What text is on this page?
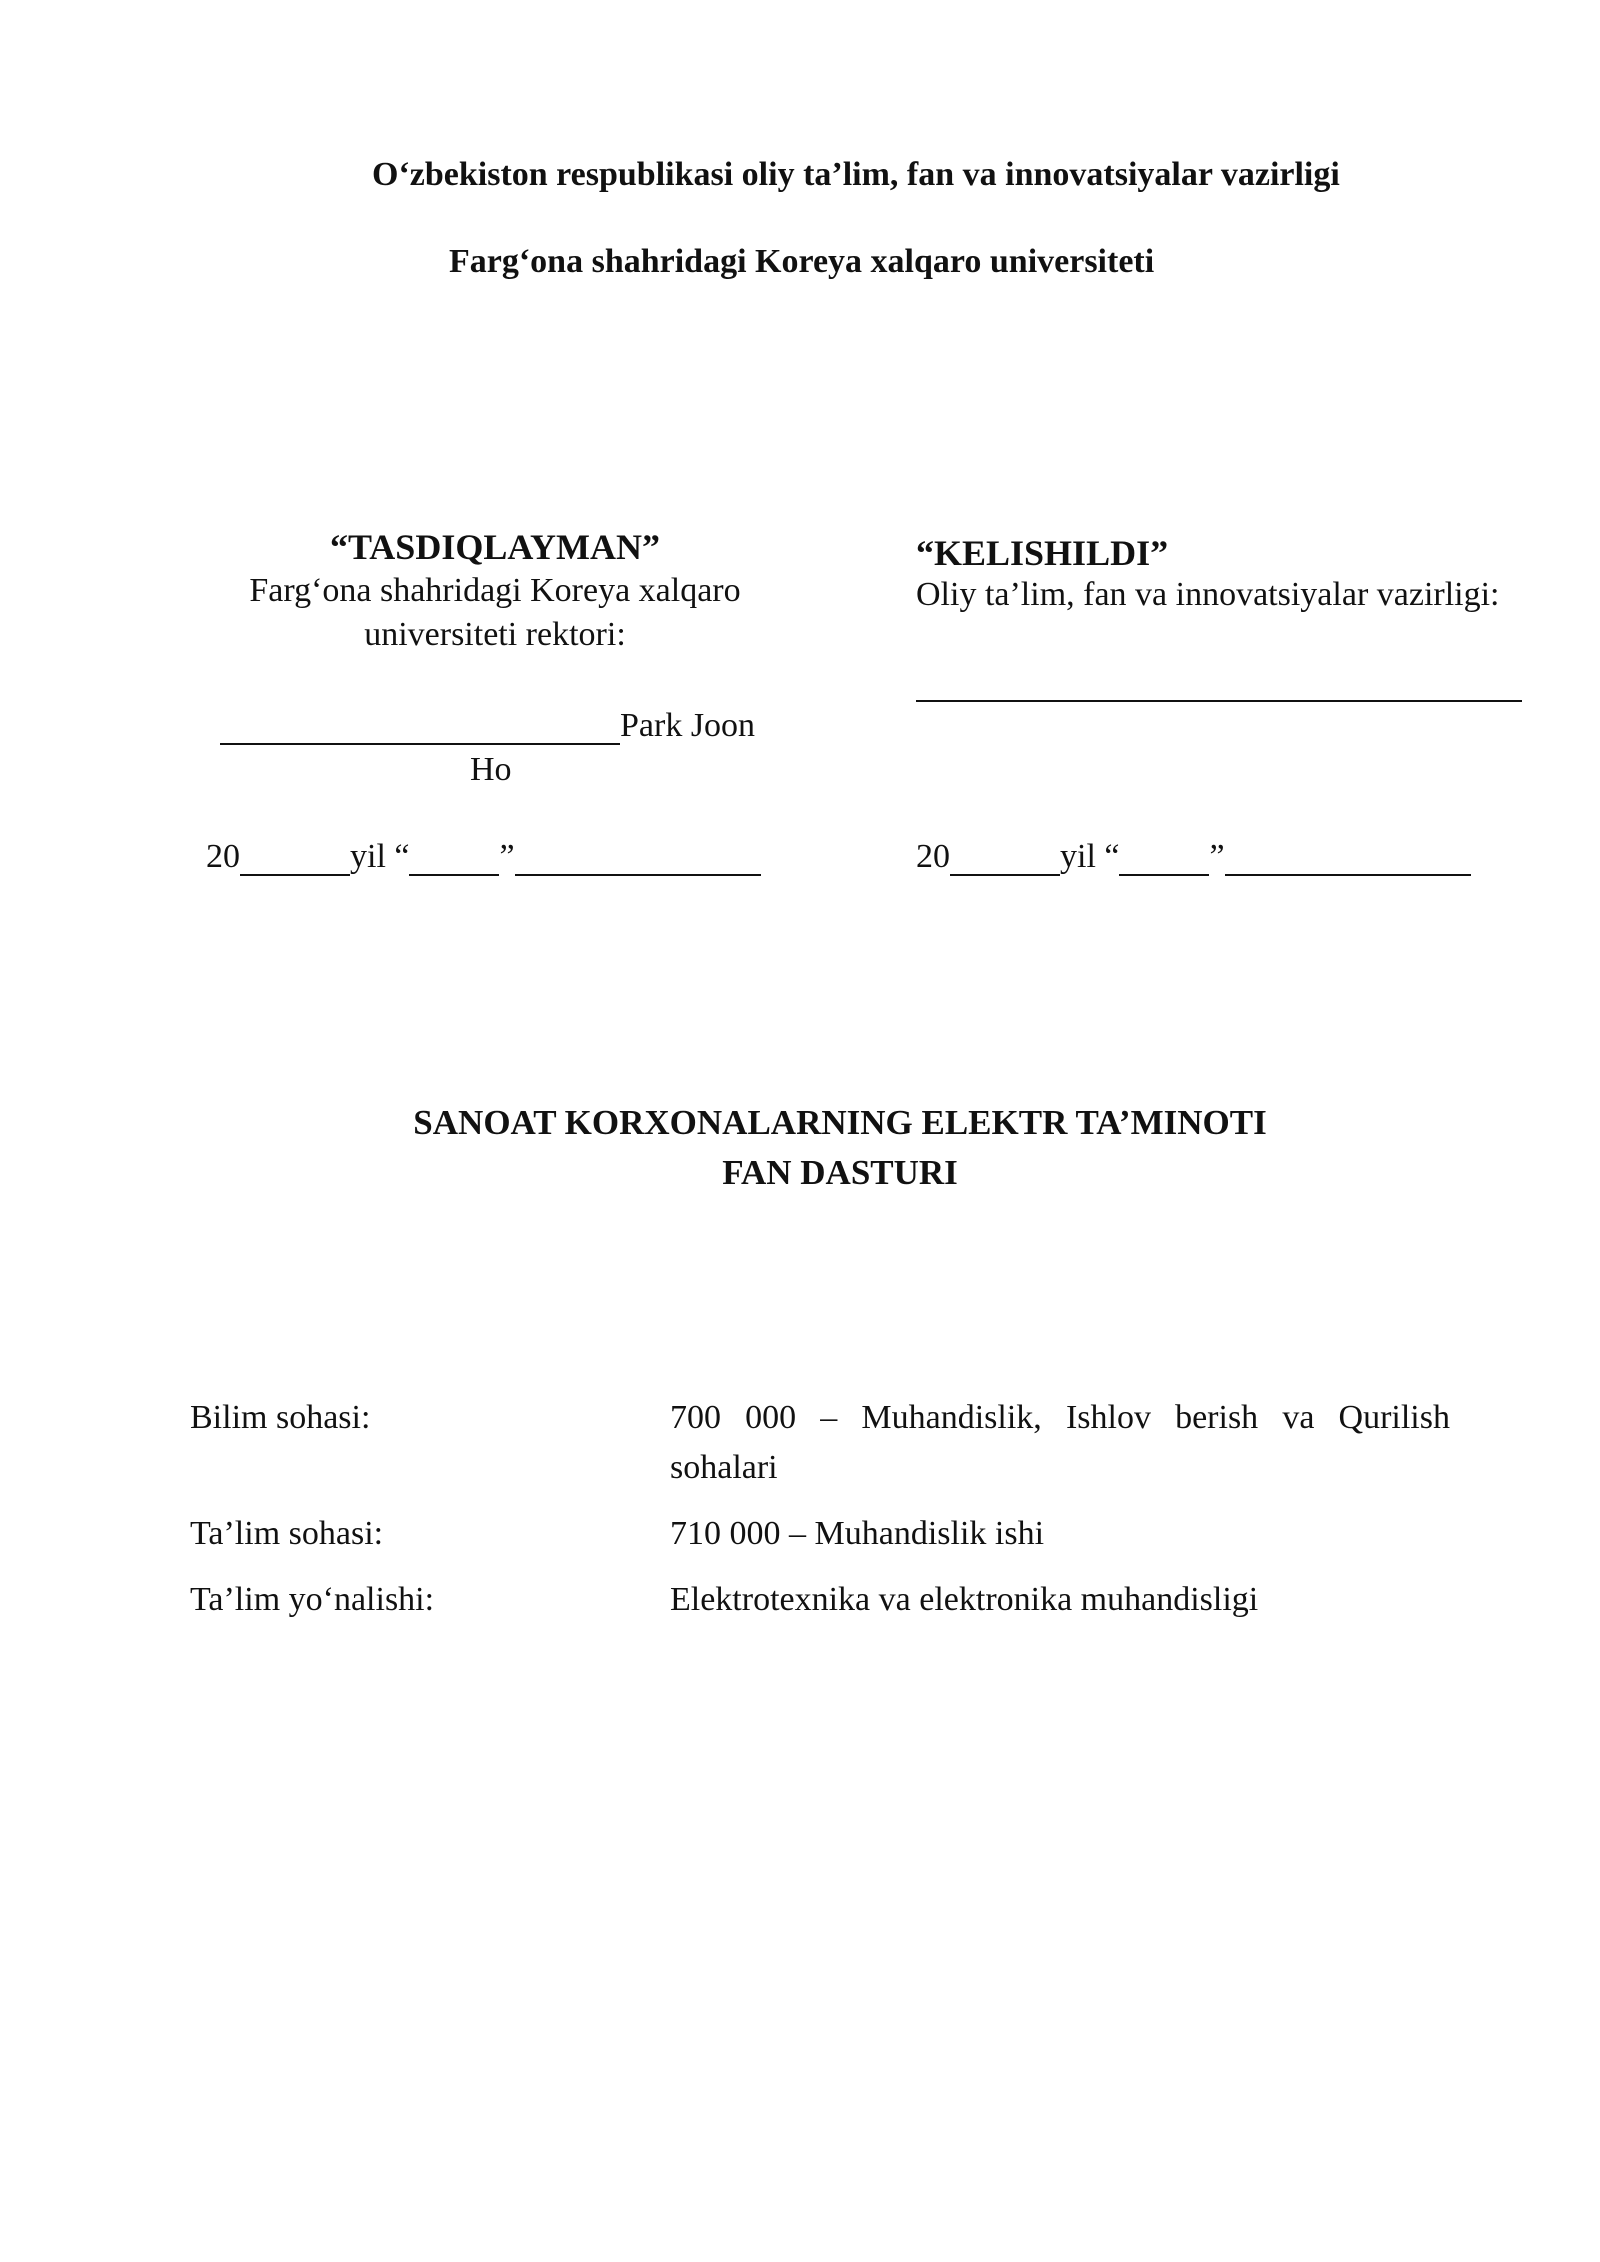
O‘zbekiston respublikasi oliy ta’lim, fan va innovatsiyalar vazirligi
Farg‘ona shahridagi Koreya xalqaro universiteti
“TASDIQLAYMAN”
Farg‘ona shahridagi Koreya xalqaro
universiteti rektori:
Park Joon
Ho
20	yil “	”
“KELISHILDI”
Oliy ta’lim, fan va innovatsiyalar vazirligi:
20	yil “	”
SANOAT KORXONALARNING ELEKTR TA’MINOTI
FAN DASTURI
Bilim sohasi:	700 000 – Muhandislik, Ishlov berish va Qurilish sohalari
Ta’lim sohasi:	710 000 – Muhandislik ishi
Ta’lim yo‘nalishi:	Elektrotexnika va elektronika muhandisligi
